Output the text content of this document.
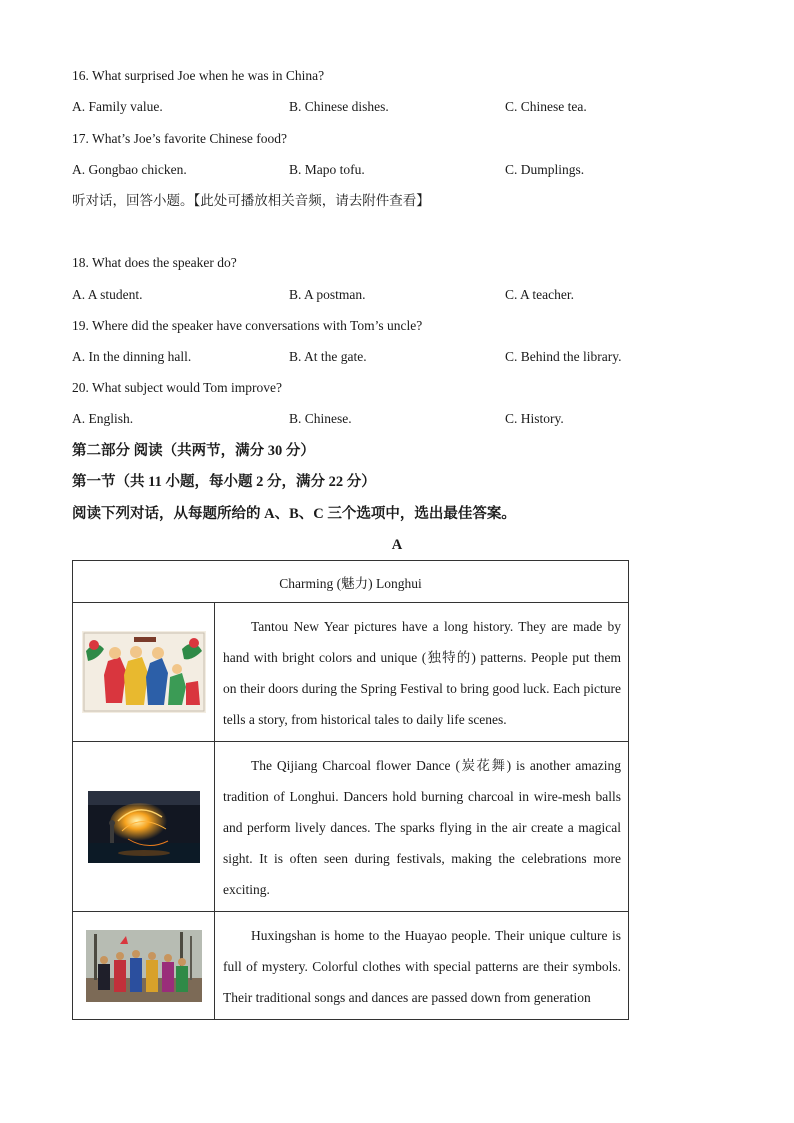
16. What surprised Joe when he was in China?
A. Family value.	B. Chinese dishes.	C. Chinese tea.
17. What’s Joe’s favorite Chinese food?
A. Gongbao chicken.	B. Mapo tofu.	C. Dumplings.
听对话，回答小题。【此处可播放相关音频，请去附件查看】
18. What does the speaker do?
A. A student.	B. A postman.	C. A teacher.
19. Where did the speaker have conversations with Tom’s uncle?
A. In the dinning hall.	B. At the gate.	C. Behind the library.
20. What subject would Tom improve?
A. English.	B. Chinese.	C. History.
第二部分 阅读（共两节，满分 30 分）
第一节（共 11 小题，每小题 2 分，满分 22 分）
阅读下列对话，从每题所给的 A、B、C 三个选项中，选出最佳答案。
A
Charming (魅力) Longhui	

	Tantou New Year pictures have a long history. They are made by hand with bright colors and unique (独特的) patterns. People put them on their doors during the Spring Festival to bring good luck. Each picture tells a story, from historical tales to daily life scenes.

	The Qijiang Charcoal flower Dance (炭花舞) is another amazing tradition of Longhui. Dancers hold burning charcoal in wire-mesh balls and perform lively dances. The sparks flying in the air create a magical sight. It is often seen during festivals, making the celebrations more exciting.

	Huxingshan is home to the Huayao people. Their unique culture is full of mystery. Colorful clothes with special patterns are their symbols. Their traditional songs and dances are passed down from generation
